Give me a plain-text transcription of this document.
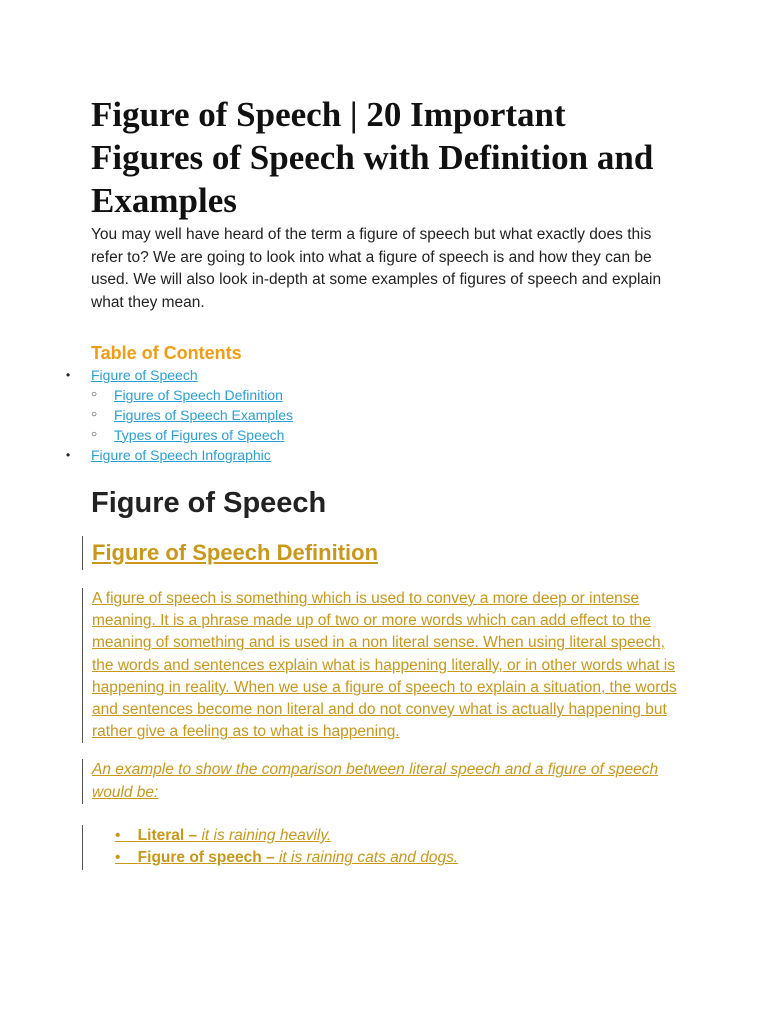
Figure of Speech | 20 Important Figures of Speech with Definition and Examples

You may well have heard of the term a figure of speech but what exactly does this refer to? We are going to look into what a figure of speech is and how they can be used. We will also look in-depth at some examples of figures of speech and explain what they mean.

Table of Contents
•	Figure of Speech
○	Figure of Speech Definition
○	Figures of Speech Examples
○	Types of Figures of Speech
•	Figure of Speech Infographic
Figure of Speech
Figure of Speech Definition

A figure of speech is something which is used to convey a more deep or intense meaning. It is a phrase made up of two or more words which can add effect to the meaning of something and is used in a non literal sense. When using literal speech, the words and sentences explain what is happening literally, or in other words what is happening in reality. When we use a figure of speech to explain a situation, the words and sentences become non literal and do not convey what is actually happening but rather give a feeling as to what is happening.

An example to show the comparison between literal speech and a figure of speech would be:

• Literal – it is raining heavily.
• Figure of speech – it is raining cats and dogs.
